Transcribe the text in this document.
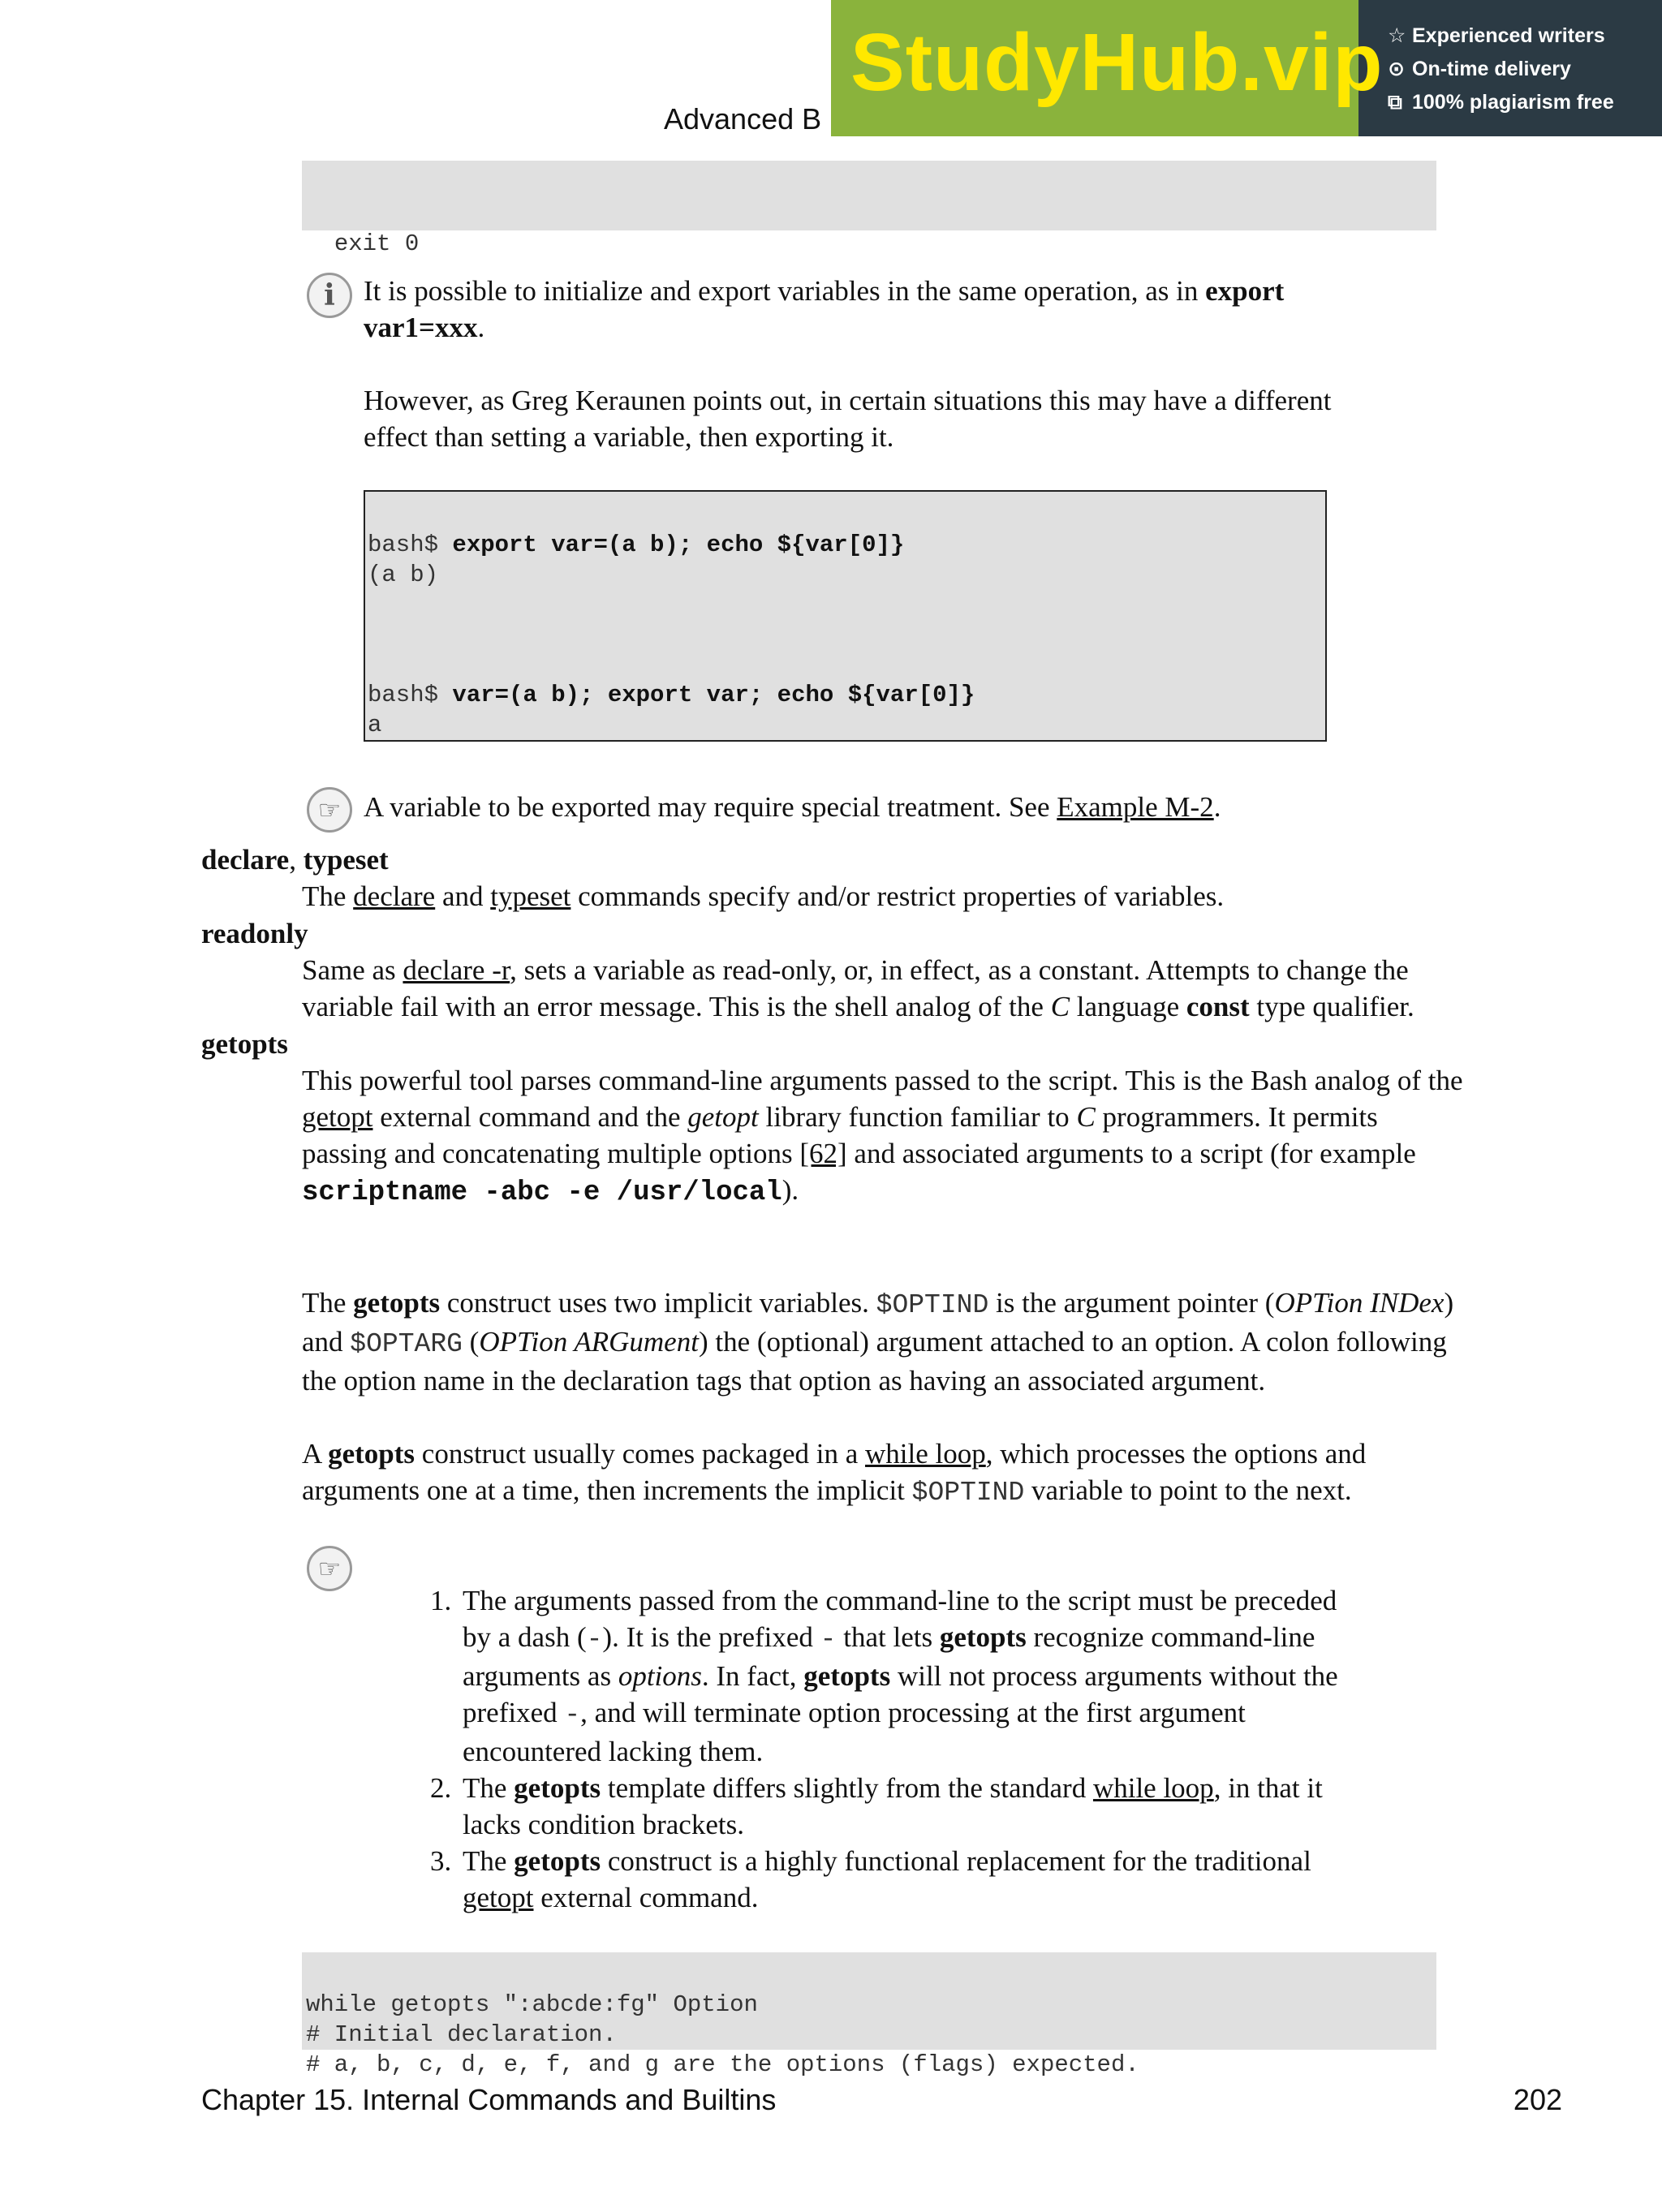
Advanced B
StudyHub.vip ☆ Experienced writers
⊙ On-time delivery
⧉ 100% plagiarism free

exit 0

i It is possible to initialize and export variables in the same operation, as in export
var1=xxx.
However, as Greg Keraunen points out, in certain situations this may have a different
effect than setting a variable, then exporting it.

bash$ export var=(a b); echo ${var[0]}
(a b)

bash$ var=(a b); export var; echo ${var[0]}
a
☞ A variable to be exported may require special treatment. See Example M-2.
declare, typeset
The declare and typeset commands specify and/or restrict properties of variables.
readonly
Same as declare -r, sets a variable as read-only, or, in effect, as a constant. Attempts to change the
variable fail with an error message. This is the shell analog of the C language const type qualifier.
getopts
This powerful tool parses command-line arguments passed to the script. This is the Bash analog of the
getopt external command and the getopt library function familiar to C programmers. It permits
passing and concatenating multiple options [62] and associated arguments to a script (for example
scriptname -abc -e /usr/local).
The getopts construct uses two implicit variables. $OPTIND is the argument pointer (OPTion INDex)
and $OPTARG (OPTion ARGument) the (optional) argument attached to an option. A colon following
the option name in the declaration tags that option as having an associated argument.
A getopts construct usually comes packaged in a while loop, which processes the options and
arguments one at a time, then increments the implicit $OPTIND variable to point to the next.
☞
1. The arguments passed from the command-line to the script must be preceded
by a dash (-). It is the prefixed - that lets getopts recognize command-line
arguments as options. In fact, getopts will not process arguments without the
prefixed -, and will terminate option processing at the first argument
encountered lacking them.
2. The getopts template differs slightly from the standard while loop, in that it
lacks condition brackets.
3. The getopts construct is a highly functional replacement for the traditional
getopt external command.

while getopts ":abcde:fg" Option
# Initial declaration.
# a, b, c, d, e, f, and g are the options (flags) expected.
Chapter 15. Internal Commands and Builtins	202
